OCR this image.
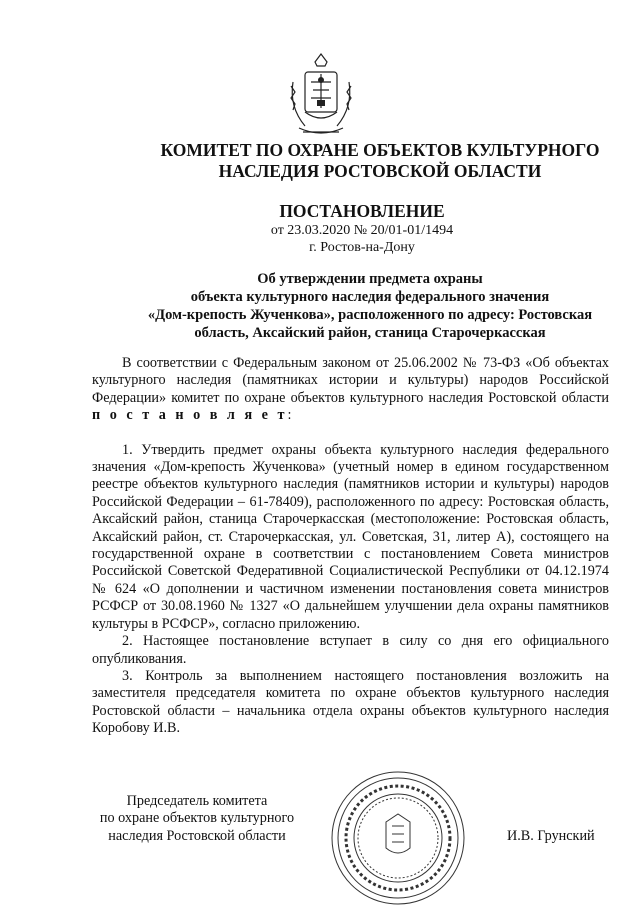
КОМИТЕТ ПО ОХРАНЕ ОБЪЕКТОВ КУЛЬТУРНОГО
НАСЛЕДИЯ РОСТОВСКОЙ ОБЛАСТИ
ПОСТАНОВЛЕНИЕ
от 23.03.2020 № 20/01-01/1494
г. Ростов-на-Дону
Об утверждении предмета охраны
объекта культурного наследия федерального значения
«Дом-крепость Жученкова», расположенного по адресу: Ростовская
область, Аксайский район, станица Старочеркасская

В соответствии с Федеральным законом от 25.06.2002 № 73-ФЗ «Об объектах культурного наследия (памятниках истории и культуры) народов Российской Федерации» комитет по охране объектов культурного наследия Ростовской области п о с т а н о в л я е т:

1. Утвердить предмет охраны объекта культурного наследия федерального значения «Дом-крепость Жученкова» (учетный номер в едином государственном реестре объектов культурного наследия (памятников истории и культуры) народов Российской Федерации – 61-78409), расположенного по адресу: Ростовская область, Аксайский район, станица Старочеркасская (местоположение: Ростовская область, Аксайский район, ст. Старочеркасская, ул. Советская, 31, литер А), состоящего на государственной охране в соответствии с постановлением Совета министров Российской Советской Федеративной Социалистической Республики от 04.12.1974 № 624 «О дополнении и частичном изменении постановления совета министров РСФСР от 30.08.1960 № 1327 «О дальнейшем улучшении дела охраны памятников культуры в РСФСР», согласно приложению.

2. Настоящее постановление вступает в силу со дня его официального опубликования.

3. Контроль за выполнением настоящего постановления возложить на заместителя председателя комитета по охране объектов культурного наследия Ростовской области – начальника отдела охраны объектов культурного наследия Коробову И.В.

Председатель комитета
по охране объектов культурного
наследия Ростовской области	И.В. Грунский
